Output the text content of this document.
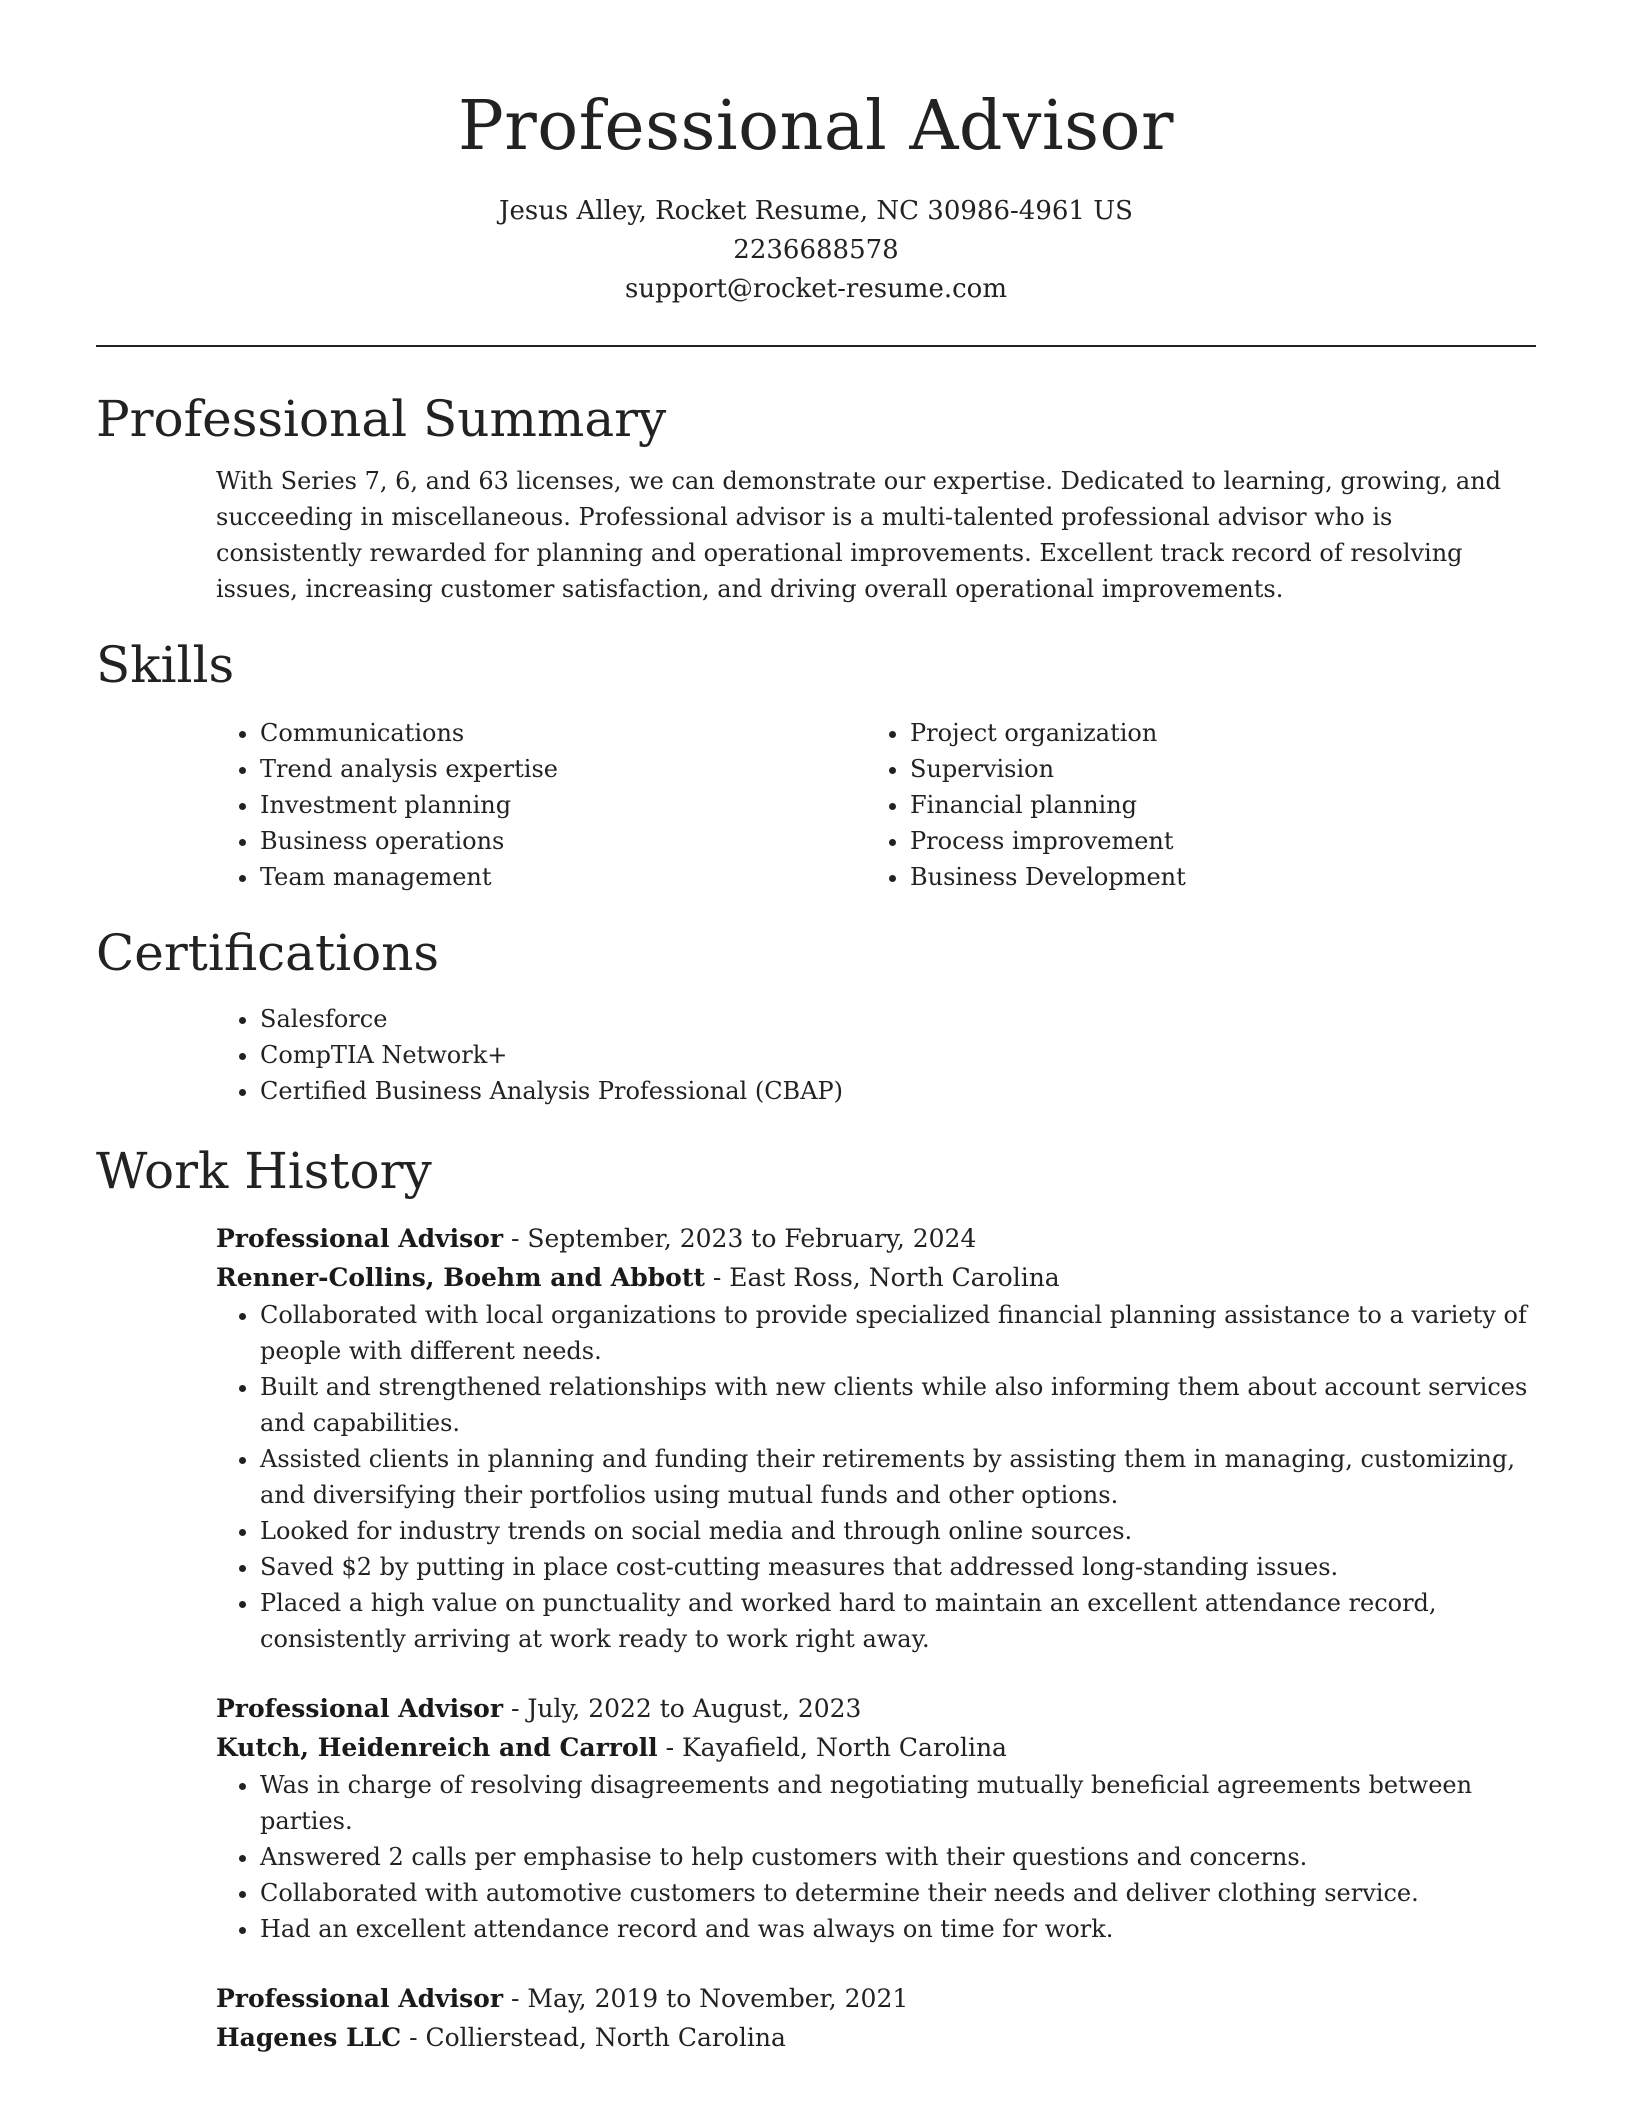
Professional Advisor

Jesus Alley, Rocket Resume, NC 30986-4961 US

2236688578

support@rocket-resume.com

Professional Summary
With Series 7, 6, and 63 licenses, we can demonstrate our expertise. Dedicated to learning, growing, and succeeding in miscellaneous. Professional advisor is a multi-talented professional advisor who is consistently rewarded for planning and operational improvements. Excellent track record of resolving issues, increasing customer satisfaction, and driving overall operational improvements.
Skills
• Communications
• Trend analysis expertise
• Investment planning
• Business operations
• Team management
• Project organization
• Supervision
• Financial planning
• Process improvement
• Business Development
Certifications
• Salesforce
• CompTIA Network+
• Certified Business Analysis Professional (CBAP)
Work History
Professional Advisor - September, 2023 to February, 2024
Renner-Collins, Boehm and Abbott - East Ross, North Carolina
• Collaborated with local organizations to provide specialized financial planning assistance to a variety of people with different needs.
• Built and strengthened relationships with new clients while also informing them about account services and capabilities.
• Assisted clients in planning and funding their retirements by assisting them in managing, customizing, and diversifying their portfolios using mutual funds and other options.
• Looked for industry trends on social media and through online sources.
• Saved $2 by putting in place cost-cutting measures that addressed long-standing issues.
• Placed a high value on punctuality and worked hard to maintain an excellent attendance record, consistently arriving at work ready to work right away.
Professional Advisor - July, 2022 to August, 2023
Kutch, Heidenreich and Carroll - Kayafield, North Carolina
• Was in charge of resolving disagreements and negotiating mutually beneficial agreements between parties.
• Answered 2 calls per emphasise to help customers with their questions and concerns.
• Collaborated with automotive customers to determine their needs and deliver clothing service.
• Had an excellent attendance record and was always on time for work.
Professional Advisor - May, 2019 to November, 2021
Hagenes LLC - Collierstead, North Carolina
